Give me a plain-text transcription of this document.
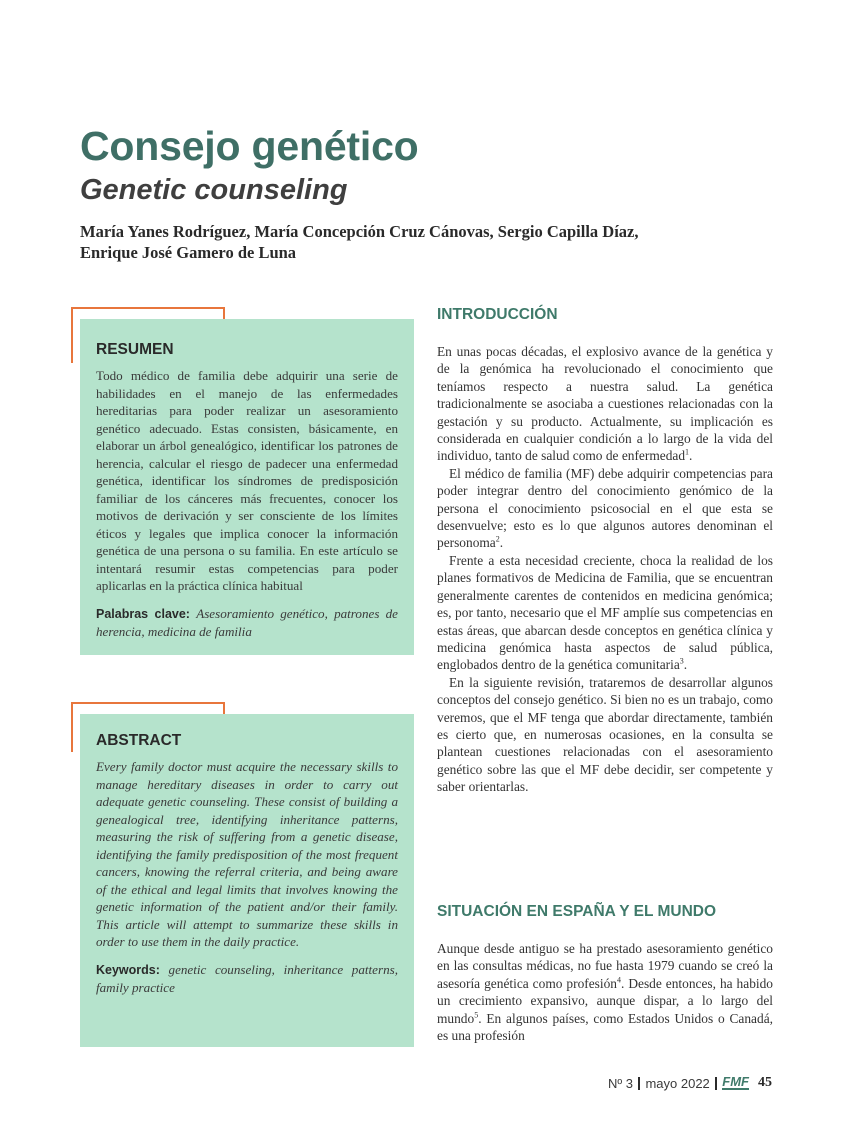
Consejo genético
Genetic counseling
María Yanes Rodríguez, María Concepción Cruz Cánovas, Sergio Capilla Díaz,
Enrique José Gamero de Luna
RESUMEN

Todo médico de familia debe adquirir una serie de habilidades en el manejo de las enfermedades hereditarias para poder realizar un asesoramiento genético adecuado. Estas consisten, básicamente, en elaborar un árbol genealógico, identificar los patrones de herencia, calcular el riesgo de padecer una enfermedad genética, identificar los síndromes de predisposición familiar de los cánceres más frecuentes, conocer los motivos de derivación y ser consciente de los límites éticos y legales que implica conocer la información genética de una persona o su familia. En este artículo se intentará resumir estas competencias para poder aplicarlas en la práctica clínica habitual

Palabras clave: Asesoramiento genético, patrones de herencia, medicina de familia

ABSTRACT

Every family doctor must acquire the necessary skills to manage hereditary diseases in order to carry out adequate genetic counseling. These consist of building a genealogical tree, identifying inheritance patterns, measuring the risk of suffering from a genetic disease, identifying the family predisposition of the most frequent cancers, knowing the referral criteria, and being aware of the ethical and legal limits that involves knowing the genetic information of the patient and/or their family. This article will attempt to summarize these skills in order to use them in the daily practice.

Keywords: genetic counseling, inheritance patterns, family practice

INTRODUCCIÓN

En unas pocas décadas, el explosivo avance de la genética y de la genómica ha revolucionado el conocimiento que teníamos respecto a nuestra salud. La genética tradicionalmente se asociaba a cuestiones relacionadas con la gestación y su producto. Actualmente, su implicación es considerada en cualquier condición a lo largo de la vida del individuo, tanto de salud como de enfermedad$^1$.

El médico de familia (MF) debe adquirir competencias para poder integrar dentro del conocimiento genómico de la persona el conocimiento psicosocial en el que esta se desenvuelve; esto es lo que algunos autores denominan el personoma$^2$.

Frente a esta necesidad creciente, choca la realidad de los planes formativos de Medicina de Familia, que se encuentran generalmente carentes de contenidos en medicina genómica; es, por tanto, necesario que el MF amplíe sus competencias en estas áreas, que abarcan desde conceptos en genética clínica y medicina genómica hasta aspectos de salud pública, englobados dentro de la genética comunitaria$^3$.

En la siguiente revisión, trataremos de desarrollar algunos conceptos del consejo genético. Si bien no es un trabajo, como veremos, que el MF tenga que abordar directamente, también es cierto que, en numerosas ocasiones, en la consulta se plantean cuestiones relacionadas con el asesoramiento genético sobre las que el MF debe decidir, ser competente y saber orientarlas.

SITUACIÓN EN ESPAÑA Y EL MUNDO

Aunque desde antiguo se ha prestado asesoramiento genético en las consultas médicas, no fue hasta 1979 cuando se creó la asesoría genética como profesión$^4$. Desde entonces, ha habido un crecimiento expansivo, aunque dispar, a lo largo del mundo$^5$. En algunos países, como Estados Unidos o Canadá, es una profesión

Nº 3 mayo 2022 FMF 45
